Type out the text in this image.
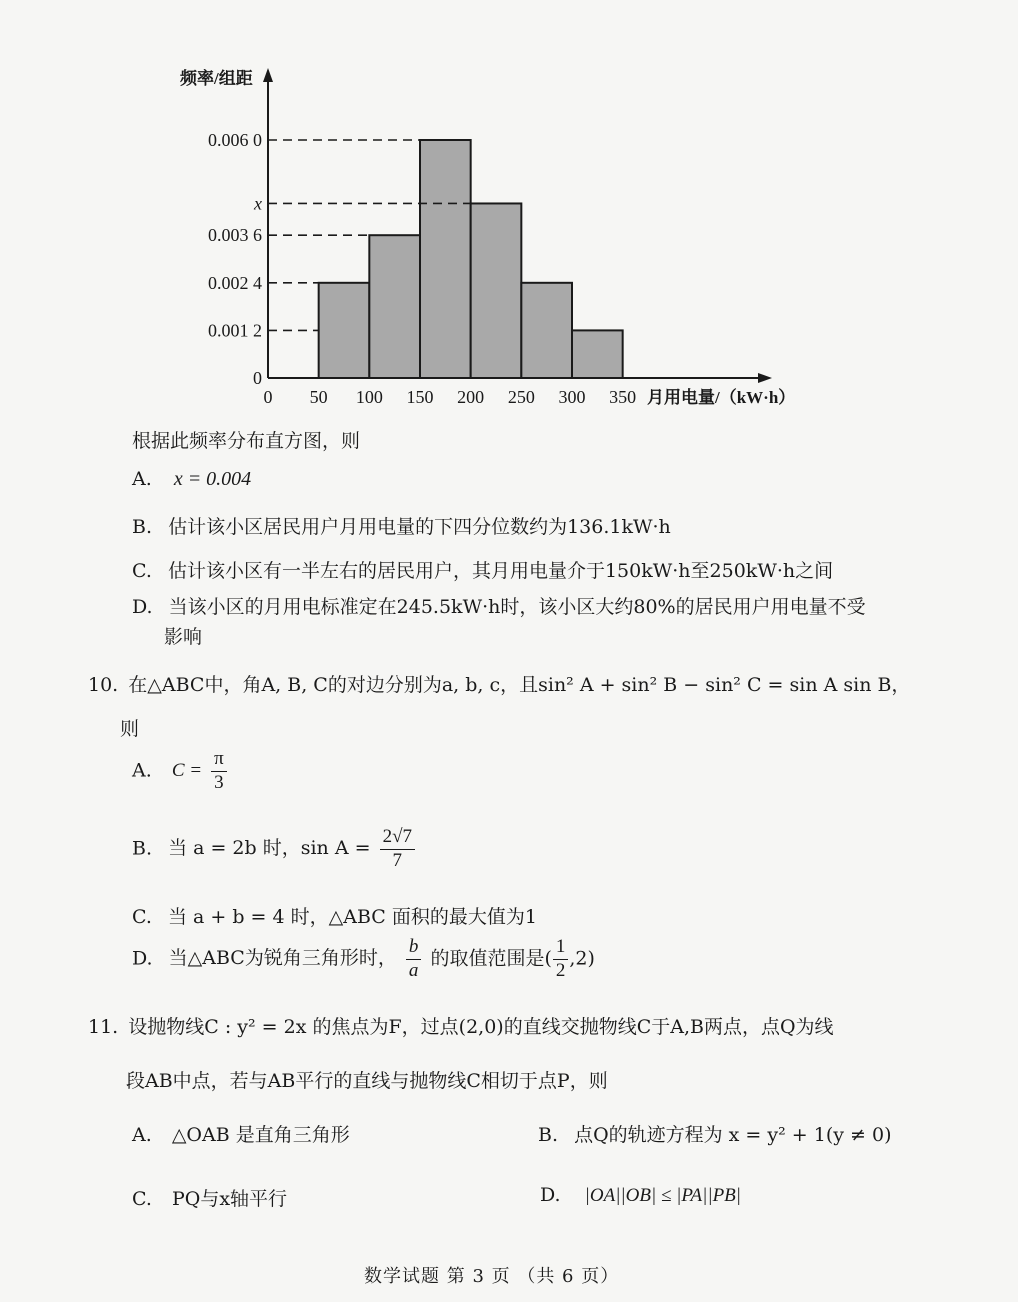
0
0.001 2
0.002 4
0.003 6
x
0.006 0
0 50 100 150 200 250 300 350
频率/组距
月用电量/（kW·h）
根据此频率分布直方图，则
A. x = 0.004
B. 估计该小区居民用户月用电量的下四分位数约为136.1kW·h
C. 估计该小区有一半左右的居民用户，其月用电量介于150kW·h至250kW·h之间
D. 当该小区的月用电标准定在245.5kW·h时，该小区大约80%的居民用户用电量不受
影响
10. 在△ABC中，角A, B, C的对边分别为a, b, c，且sin² A + sin² B − sin² C = sin A sin B，
则
A. $C = \frac{\pi}{3}$
B. 当 a = 2b 时，$\sin A = \frac{2√7}{7}$
C. 当 a + b = 4 时，△ABC 面积的最大值为1
D. 当△ABC为锐角三角形时， $\frac{b}{a}$ 的取值范围是( $\frac{1}{2} ,2$)
11. 设抛物线C : y² = 2x 的焦点为F，过点(2,0)的直线交抛物线C于A,B两点，点Q为线
段AB中点，若与AB平行的直线与抛物线C相切于点P，则
A. △OAB 是直角三角形	B. 点Q的轨迹方程为 x = y² + 1(y ≠ 0)
C. PQ与x轴平行	D. |OA||OB| ≤ |PA||PB|
数学试题 第 3 页 （共 6 页）
